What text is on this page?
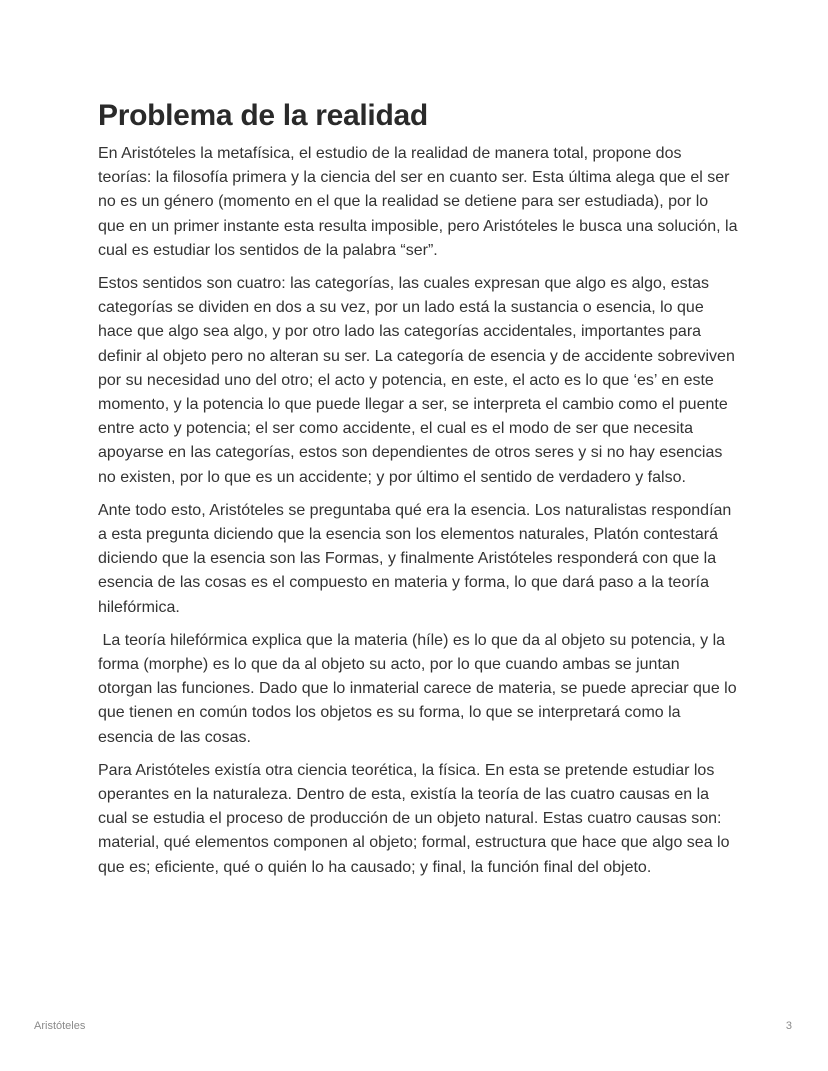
Problema de la realidad

En Aristóteles la metafísica, el estudio de la realidad de manera total, propone dos teorías: la filosofía primera y la ciencia del ser en cuanto ser. Esta última alega que el ser no es un género (momento en el que la realidad se detiene para ser estudiada), por lo que en un primer instante esta resulta imposible, pero Aristóteles le busca una solución, la cual es estudiar los sentidos de la palabra “ser”.

Estos sentidos son cuatro: las categorías, las cuales expresan que algo es algo, estas categorías se dividen en dos a su vez, por un lado está la sustancia o esencia, lo que hace que algo sea algo, y por otro lado las categorías accidentales, importantes para definir al objeto pero no alteran su ser. La categoría de esencia y de accidente sobreviven por su necesidad uno del otro; el acto y potencia, en este, el acto es lo que ‘es’ en este momento, y la potencia lo que puede llegar a ser, se interpreta el cambio como el puente entre acto y potencia; el ser como accidente, el cual es el modo de ser que necesita apoyarse en las categorías, estos son dependientes de otros seres y si no hay esencias no existen, por lo que es un accidente; y por último el sentido de verdadero y falso.

Ante todo esto, Aristóteles se preguntaba qué era la esencia. Los naturalistas respondían a esta pregunta diciendo que la esencia son los elementos naturales, Platón contestará diciendo que la esencia son las Formas, y finalmente Aristóteles responderá con que la esencia de las cosas es el compuesto en materia y forma, lo que dará paso a la teoría hilefórmica.

La teoría hilefórmica explica que la materia (híle) es lo que da al objeto su potencia, y la forma (morphe) es lo que da al objeto su acto, por lo que cuando ambas se juntan otorgan las funciones. Dado que lo inmaterial carece de materia, se puede apreciar que lo que tienen en común todos los objetos es su forma, lo que se interpretará como la esencia de las cosas.

Para Aristóteles existía otra ciencia teorética, la física. En esta se pretende estudiar los operantes en la naturaleza. Dentro de esta, existía la teoría de las cuatro causas en la cual se estudia el proceso de producción de un objeto natural. Estas cuatro causas son: material, qué elementos componen al objeto; formal, estructura que hace que algo sea lo que es; eficiente, qué o quién lo ha causado; y final, la función final del objeto.

Aristóteles	3
